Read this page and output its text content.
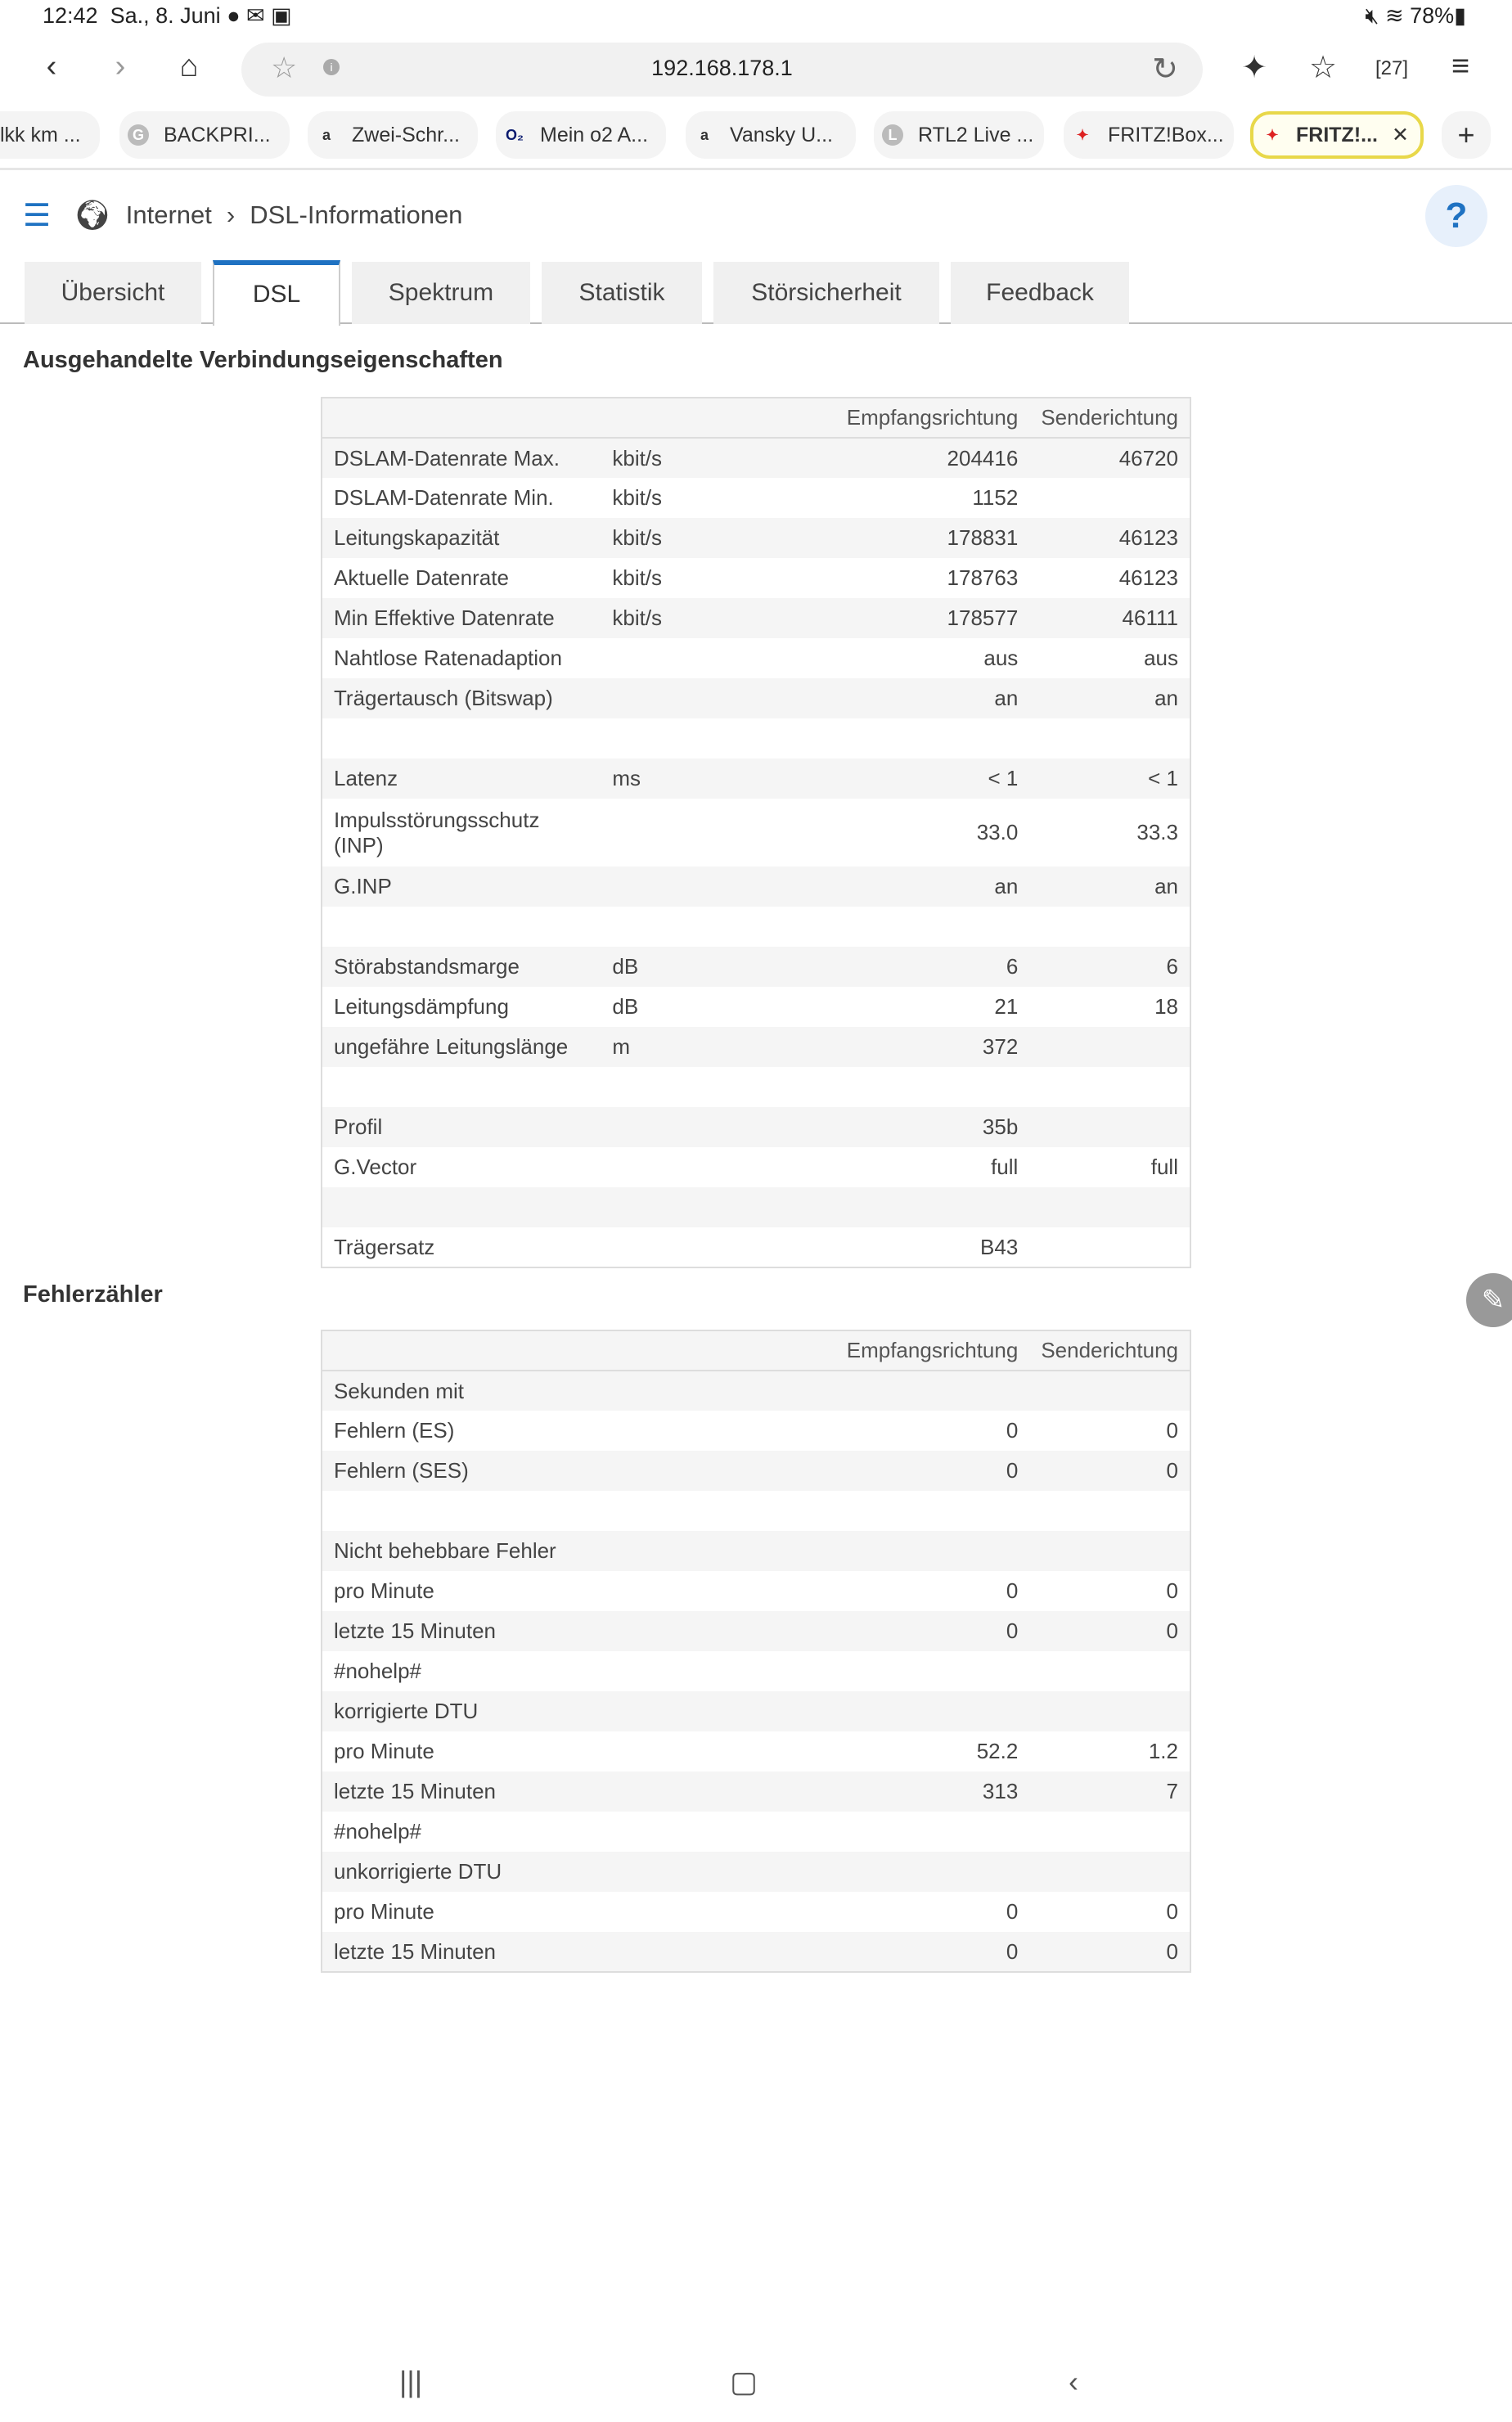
12:42 Sa., 8. Juni ● ✉ ▣	🔇︎ ≋ 78%▮
‹	›	⌂	☆	i	192.168.178.1	↻ ✦ ☆	[27]	≡
lkk km ...	G BACKPRI...	a	Zwei-Schr...	O₂ Mein o2 A...	a	Vansky U...	L	RTL2 Live ...	✦ FRITZ!Box...	✦ FRITZ!... ✕	+
☰ 🌍︎ Internet › DSL-Informationen	?
Übersicht	DSL	Spektrum	Statistik	Störsicherheit	Feedback
Ausgehandelte Verbindungseigenschaften
		Empfangsrichtung	Senderichtung
DSLAM-Datenrate Max.	kbit/s	204416	46720
DSLAM-Datenrate Min.	kbit/s	1152	
Leitungskapazität	kbit/s	178831	46123
Aktuelle Datenrate	kbit/s	178763	46123
Min Effektive Datenrate	kbit/s	178577	46111
Nahtlose Ratenadaption		aus	aus
Trägertausch (Bitswap)		an	an

Latenz	ms	< 1	< 1
Impulsstörungsschutz (INP)		33.0	33.3
G.INP		an	an

Störabstandsmarge	dB	6	6
Leitungsdämpfung	dB	21	18
ungefähre Leitungslänge	m	372	

Profil		35b	
G.Vector		full	full

Trägersatz		B43	
Fehlerzähler	✎
		Empfangsrichtung	Senderichtung
Sekunden mit			
Fehlern (ES)		0	0
Fehlern (SES)		0	0

Nicht behebbare Fehler			
pro Minute		0	0
letzte 15 Minuten		0	0
#nohelp#			
korrigierte DTU			
pro Minute		52.2	1.2
letzte 15 Minuten		313	7
#nohelp#			
unkorrigierte DTU			
pro Minute		0	0
letzte 15 Minuten		0	0
|||	▢	‹
